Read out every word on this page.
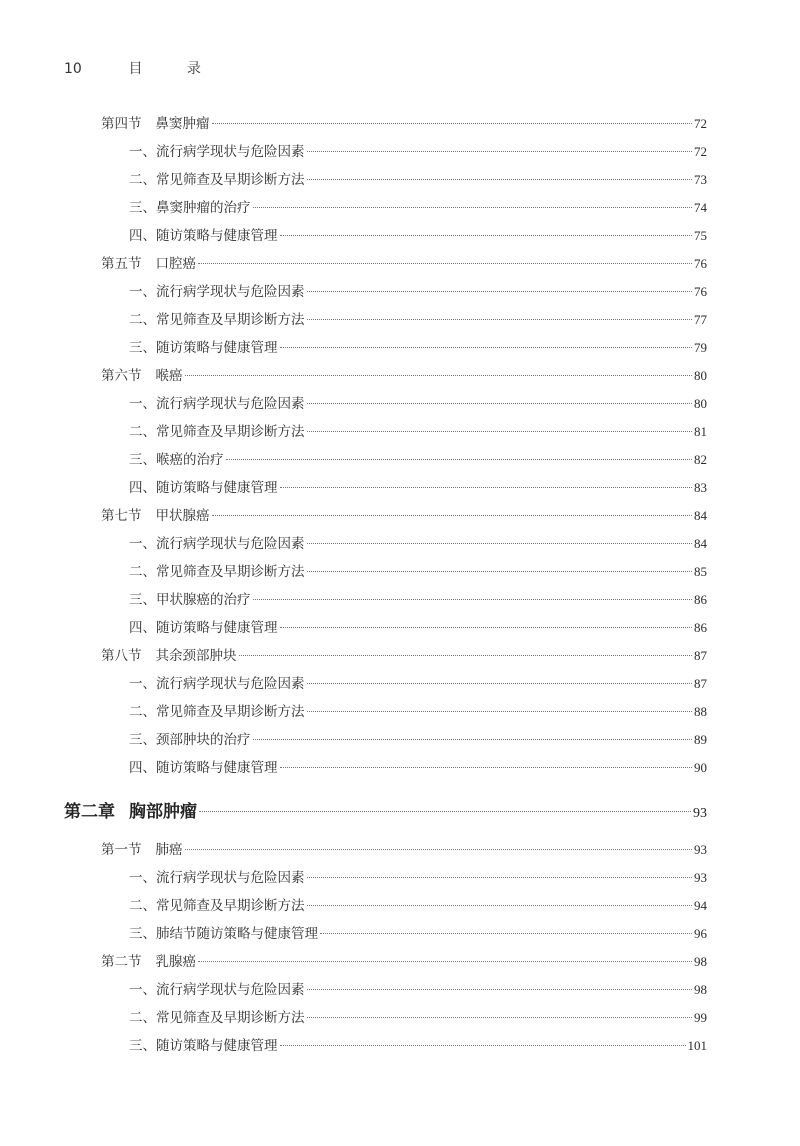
10	目 录
第四节 鼻窦肿瘤	72
一、 流行病学现状与危险因素	72
二、 常见筛查及早期诊断方法	73
三、 鼻窦肿瘤的治疗	74
四、 随访策略与健康管理	75
第五节 口腔癌	76
一、 流行病学现状与危险因素	76
二、 常见筛查及早期诊断方法	77
三、 随访策略与健康管理	79
第六节 喉癌	80
一、 流行病学现状与危险因素	80
二、 常见筛查及早期诊断方法	81
三、 喉癌的治疗	82
四、 随访策略与健康管理	83
第七节 甲状腺癌	84
一、 流行病学现状与危险因素	84
二、 常见筛查及早期诊断方法	85
三、 甲状腺癌的治疗	86
四、 随访策略与健康管理	86
第八节 其余颈部肿块	87
一、 流行病学现状与危险因素	87
二、 常见筛查及早期诊断方法	88
三、 颈部肿块的治疗	89
四、 随访策略与健康管理	90
第二章 胸部肿瘤	93
第一节 肺癌	93
一、 流行病学现状与危险因素	93
二、 常见筛查及早期诊断方法	94
三、 肺结节随访策略与健康管理	96
第二节 乳腺癌	98
一、 流行病学现状与危险因素	98
二、 常见筛查及早期诊断方法	99
三、 随访策略与健康管理	101
